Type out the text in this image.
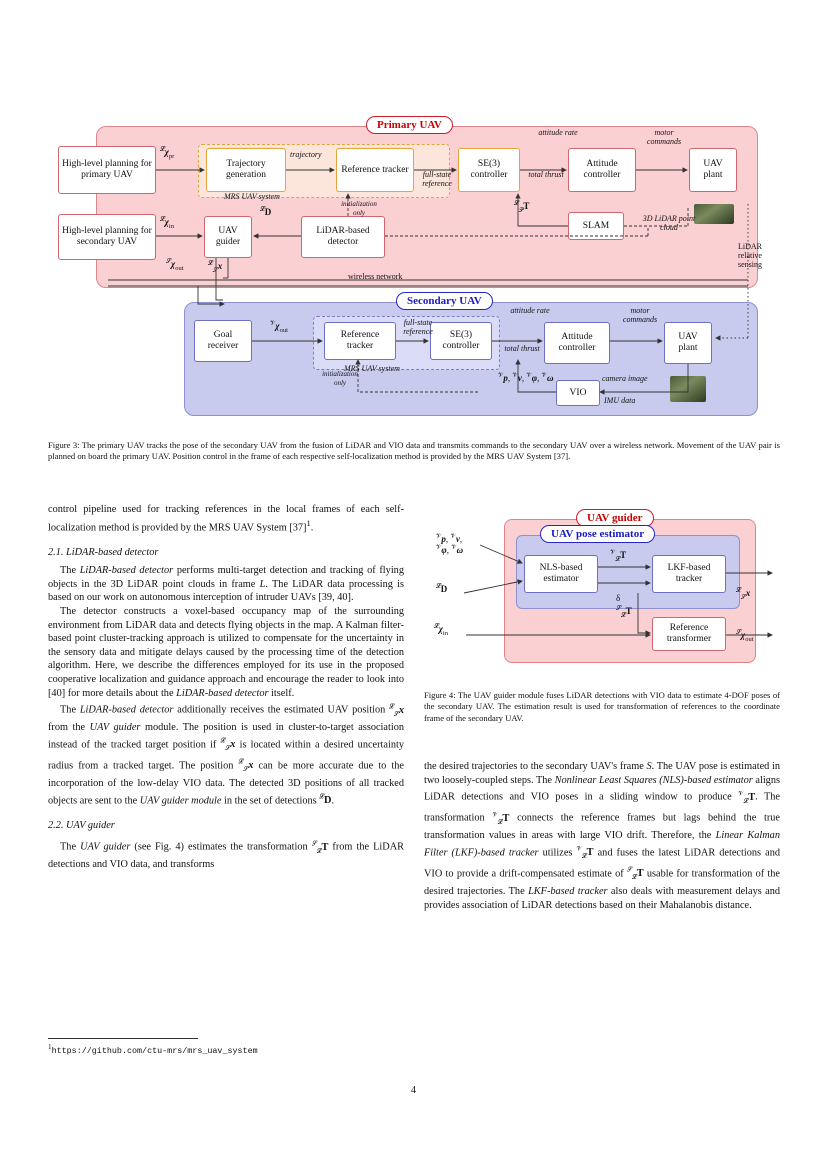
Primary UAV
Secondary UAV
High-level planning for primary UAV
Trajectory generation
Reference tracker
SE(3) controller
Attitude controller
UAV plant
High-level planning for secondary UAV
UAV guider
LiDAR-based detector
SLAM
Goal receiver
Reference tracker
SE(3) controller
Attitude controller
UAV plant
VIO
MRS UAV system
MRS UAV system
trajectory
full-state reference
attitude rate
total thrust
motor commands
initialization only
3D LiDAR point cloud
wireless network
LiDAR relative sensing
full-state reference
attitude rate
total thrust
motor commands
initialization only	camera image
IMU data
$^𝓛\chi_{pr}$
$^𝓛\chi_{in}$
$^𝓛$D
$^𝓛_𝒮$x
$^𝒮\chi_{out}$
$^𝓛_𝒫$T
$^𝒱\chi_{out}$
$^𝒱$p, $^𝒱$v, $^𝒱$φ, $^𝒱$ω
Figure 3: The primary UAV tracks the pose of the secondary UAV from the fusion of LiDAR and VIO data and transmits commands to the secondary UAV over a wireless network. Movement of the UAV pair is planned on board the primary UAV. Position control in the frame of each respective self-localization method is provided by the MRS UAV System [37].

control pipeline used for tracking references in the local frames of each self-localization method is provided by the MRS UAV System $[37]^1$.

2.1. LiDAR-based detector

The LiDAR-based detector performs multi-target detection and tracking of flying objects in the 3D LiDAR point clouds in frame L. The LiDAR data processing is based on our work on autonomous interception of intruder UAVs [39, 40].

The detector constructs a voxel-based occupancy map of the surrounding environment from LiDAR data and detects flying objects in the map. A Kalman filter-based point cluster-tracking approach is utilized to compensate for the uncertainty in the sensory data and mitigate delays caused by the processing time of the detection algorithm. Here, we describe the differences employed for its use in the proposed cooperative localization and guidance approach and encourage the reader to look into [40] for more details about the LiDAR-based detector itself.

The LiDAR-based detector additionally receives the estimated UAV position $^𝓛_𝒮$x from the UAV guider module. The position is used in cluster-to-target association instead of the tracked target position if $^𝓛_𝒮$x is located within a desired uncertainty radius from a tracked target. The position $^𝓛_𝒮$x can be more accurate due to the incorporation of the low-delay VIO data. The detected 3D positions of all tracked objects are sent to the UAV guider module in the set of detections $^𝓛$D.

2.2. UAV guider

The UAV guider (see Fig. 4) estimates the transformation $^𝒮_𝓛$T from the LiDAR detections and VIO data, and transforms

UAV guider
UAV pose estimator
NLS-based estimator
LKF-based tracker
Reference transformer
$^𝒱$p, $^𝒱$v,
$^𝒱$φ, $^𝒱$ω	$^𝒱_𝓛$T
$^𝓛$D
δ
$^𝒮_𝓛$T
$^𝓛_𝒮$x
$^𝓛\chi_{in}$	$^𝒮\chi_{out}$
Figure 4: The UAV guider module fuses LiDAR detections with VIO data to estimate 4-DOF poses of the secondary UAV. The estimation result is used for transformation of references to the coordinate frame of the secondary UAV.

the desired trajectories to the secondary UAV's frame S. The UAV pose is estimated in two loosely-coupled steps. The Nonlinear Least Squares (NLS)-based estimator aligns LiDAR detections and VIO poses in a sliding window to produce $^𝒱_𝓛$T. The transformation $^𝒱_𝓛$T connects the reference frames but lags behind the true transformation values in areas with large VIO drift. Therefore, the Linear Kalman Filter (LKF)-based tracker utilizes $^𝒱_𝓛$T and fuses the latest LiDAR detections and VIO to provide a drift-compensated estimate of $^𝒮_𝓛$T usable for transformation of the desired trajectories. The LKF-based tracker also deals with measurement delays and provides association of LiDAR detections based on their Mahalanobis distance.

$^1$https://github.com/ctu-mrs/mrs_uav_system
4
